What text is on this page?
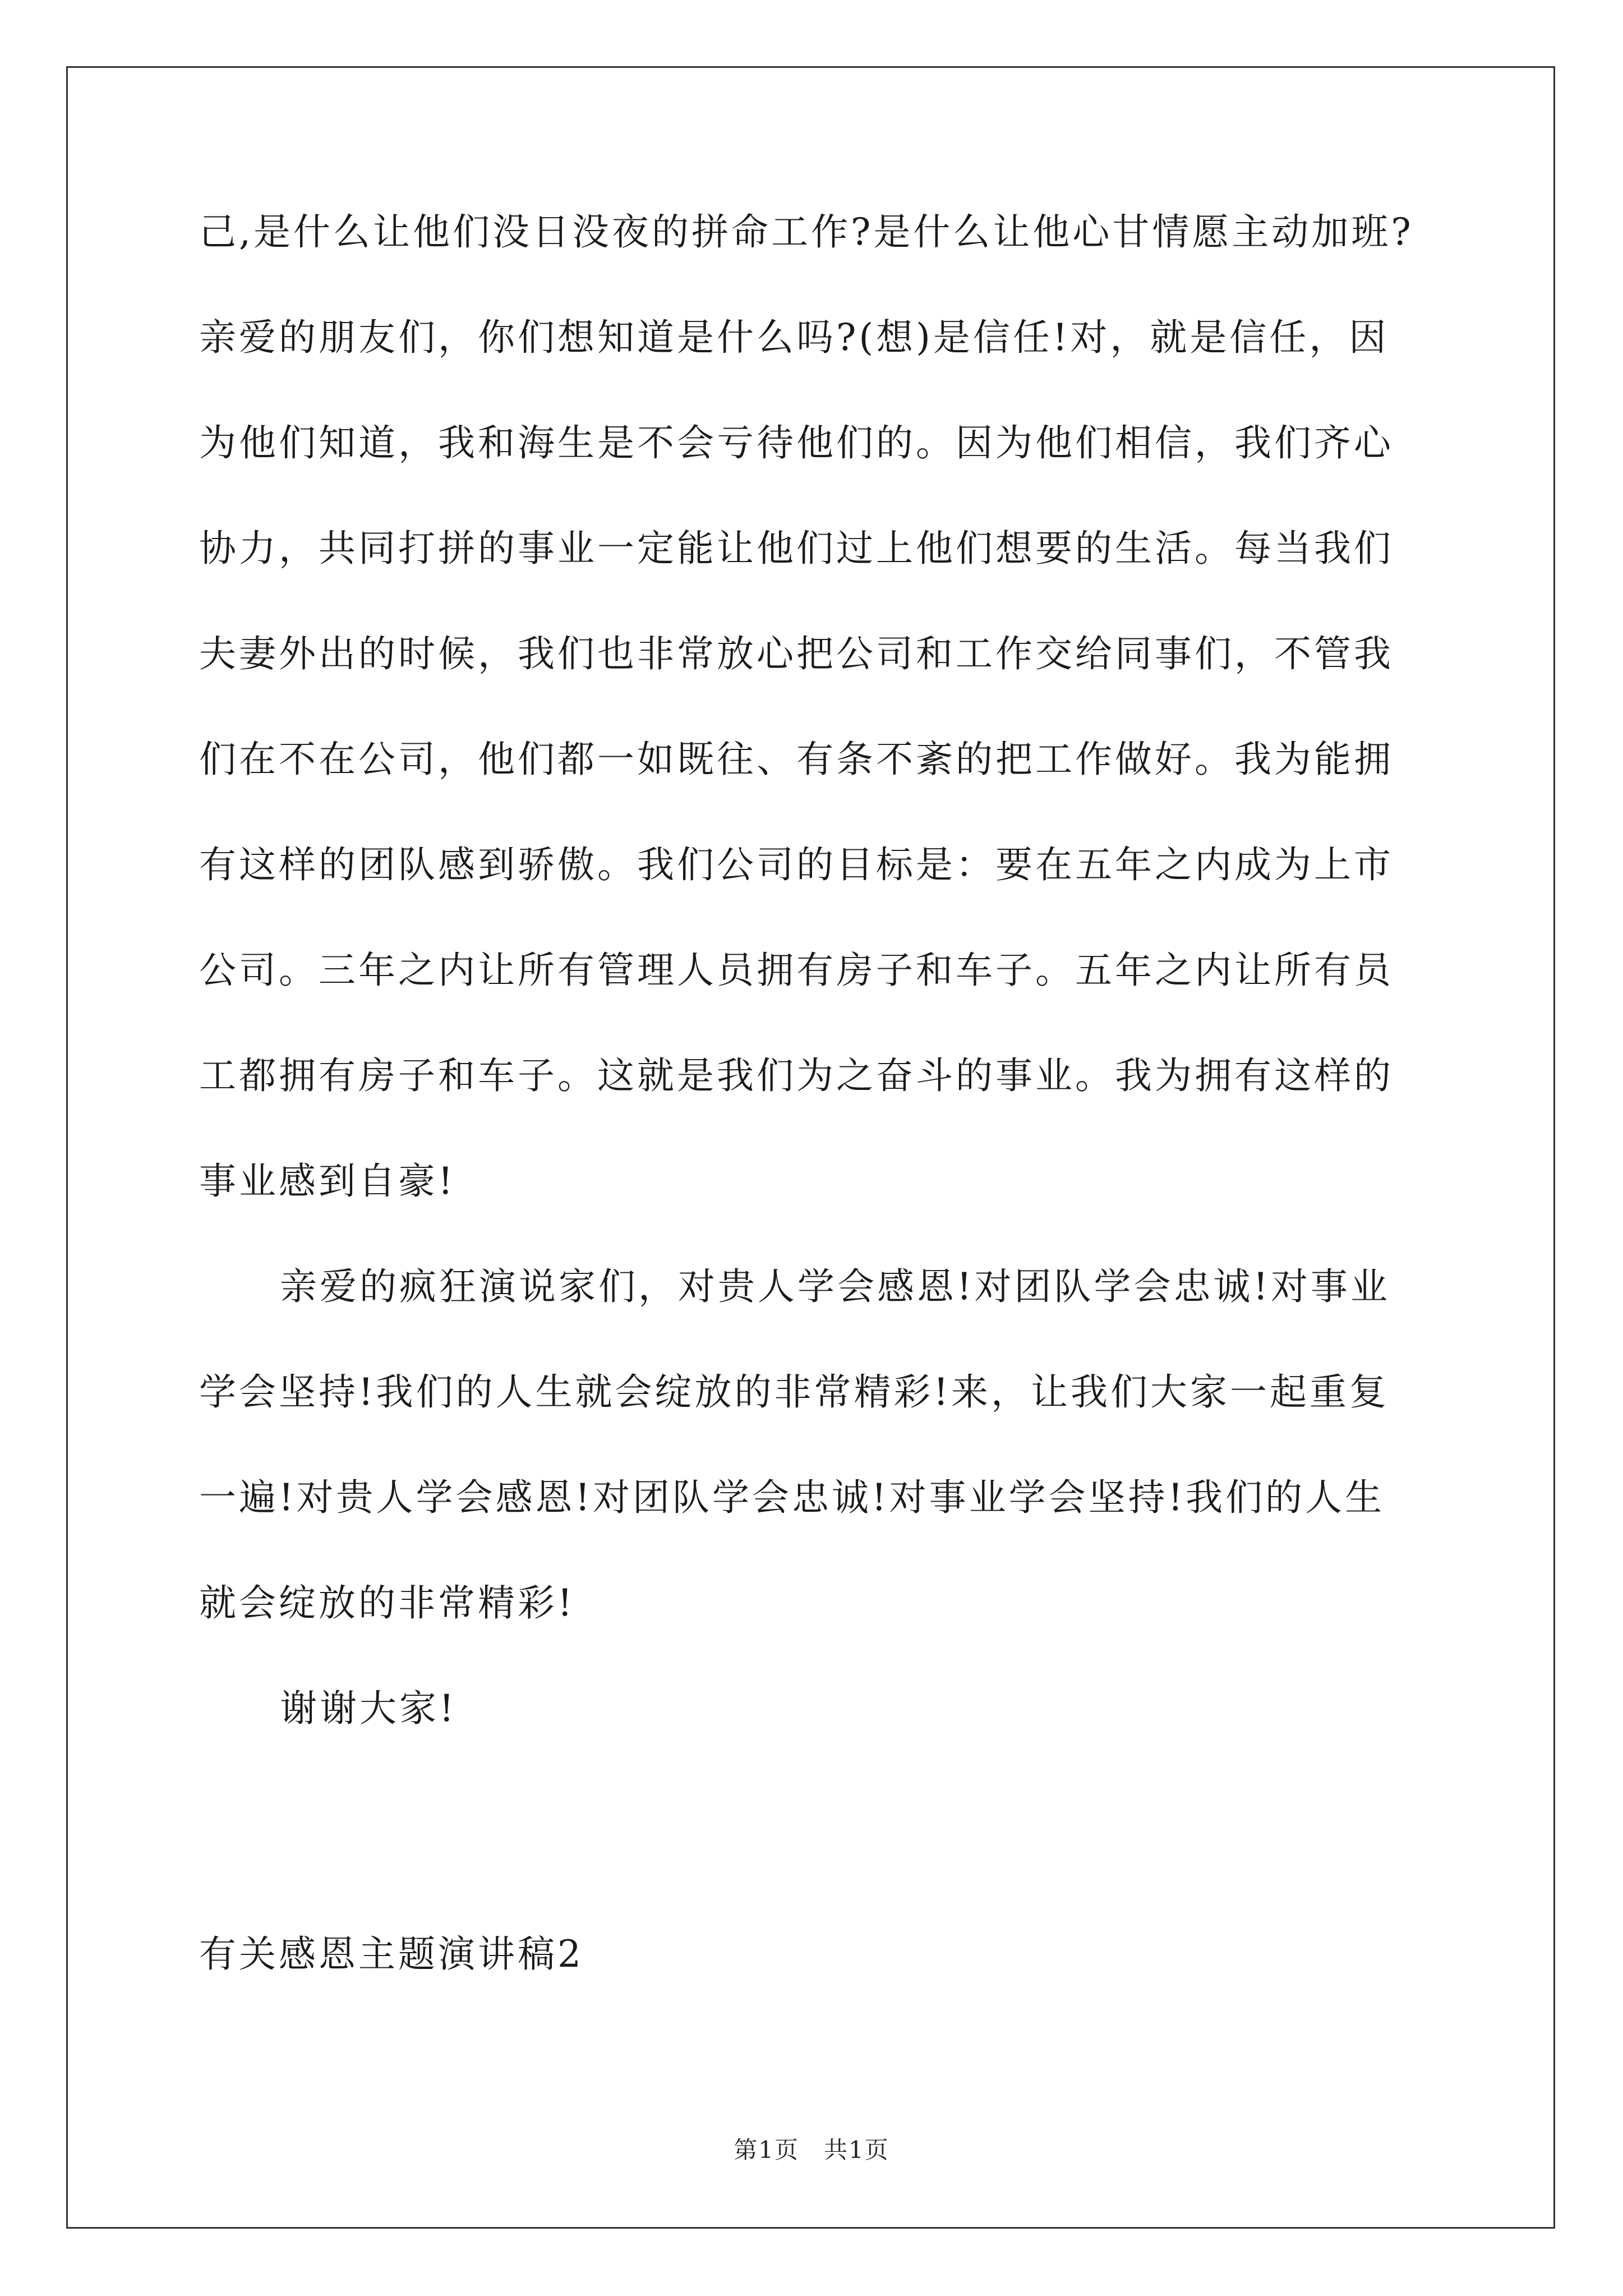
己,是什么让他们没日没夜的拼命工作?是什么让他心甘情愿主动加班?
亲爱的朋友们，你们想知道是什么吗?(想)是信任!对，就是信任，因
为他们知道，我和海生是不会亏待他们的。因为他们相信，我们齐心
协力，共同打拼的事业一定能让他们过上他们想要的生活。每当我们
夫妻外出的时候，我们也非常放心把公司和工作交给同事们，不管我
们在不在公司，他们都一如既往、有条不紊的把工作做好。我为能拥
有这样的团队感到骄傲。我们公司的目标是：要在五年之内成为上市
公司。三年之内让所有管理人员拥有房子和车子。五年之内让所有员
工都拥有房子和车子。这就是我们为之奋斗的事业。我为拥有这样的
事业感到自豪!

亲爱的疯狂演说家们，对贵人学会感恩!对团队学会忠诚!对事业
学会坚持!我们的人生就会绽放的非常精彩!来，让我们大家一起重复
一遍!对贵人学会感恩!对团队学会忠诚!对事业学会坚持!我们的人生
就会绽放的非常精彩!

谢谢大家!

有关感恩主题演讲稿2
第1页　共1页
